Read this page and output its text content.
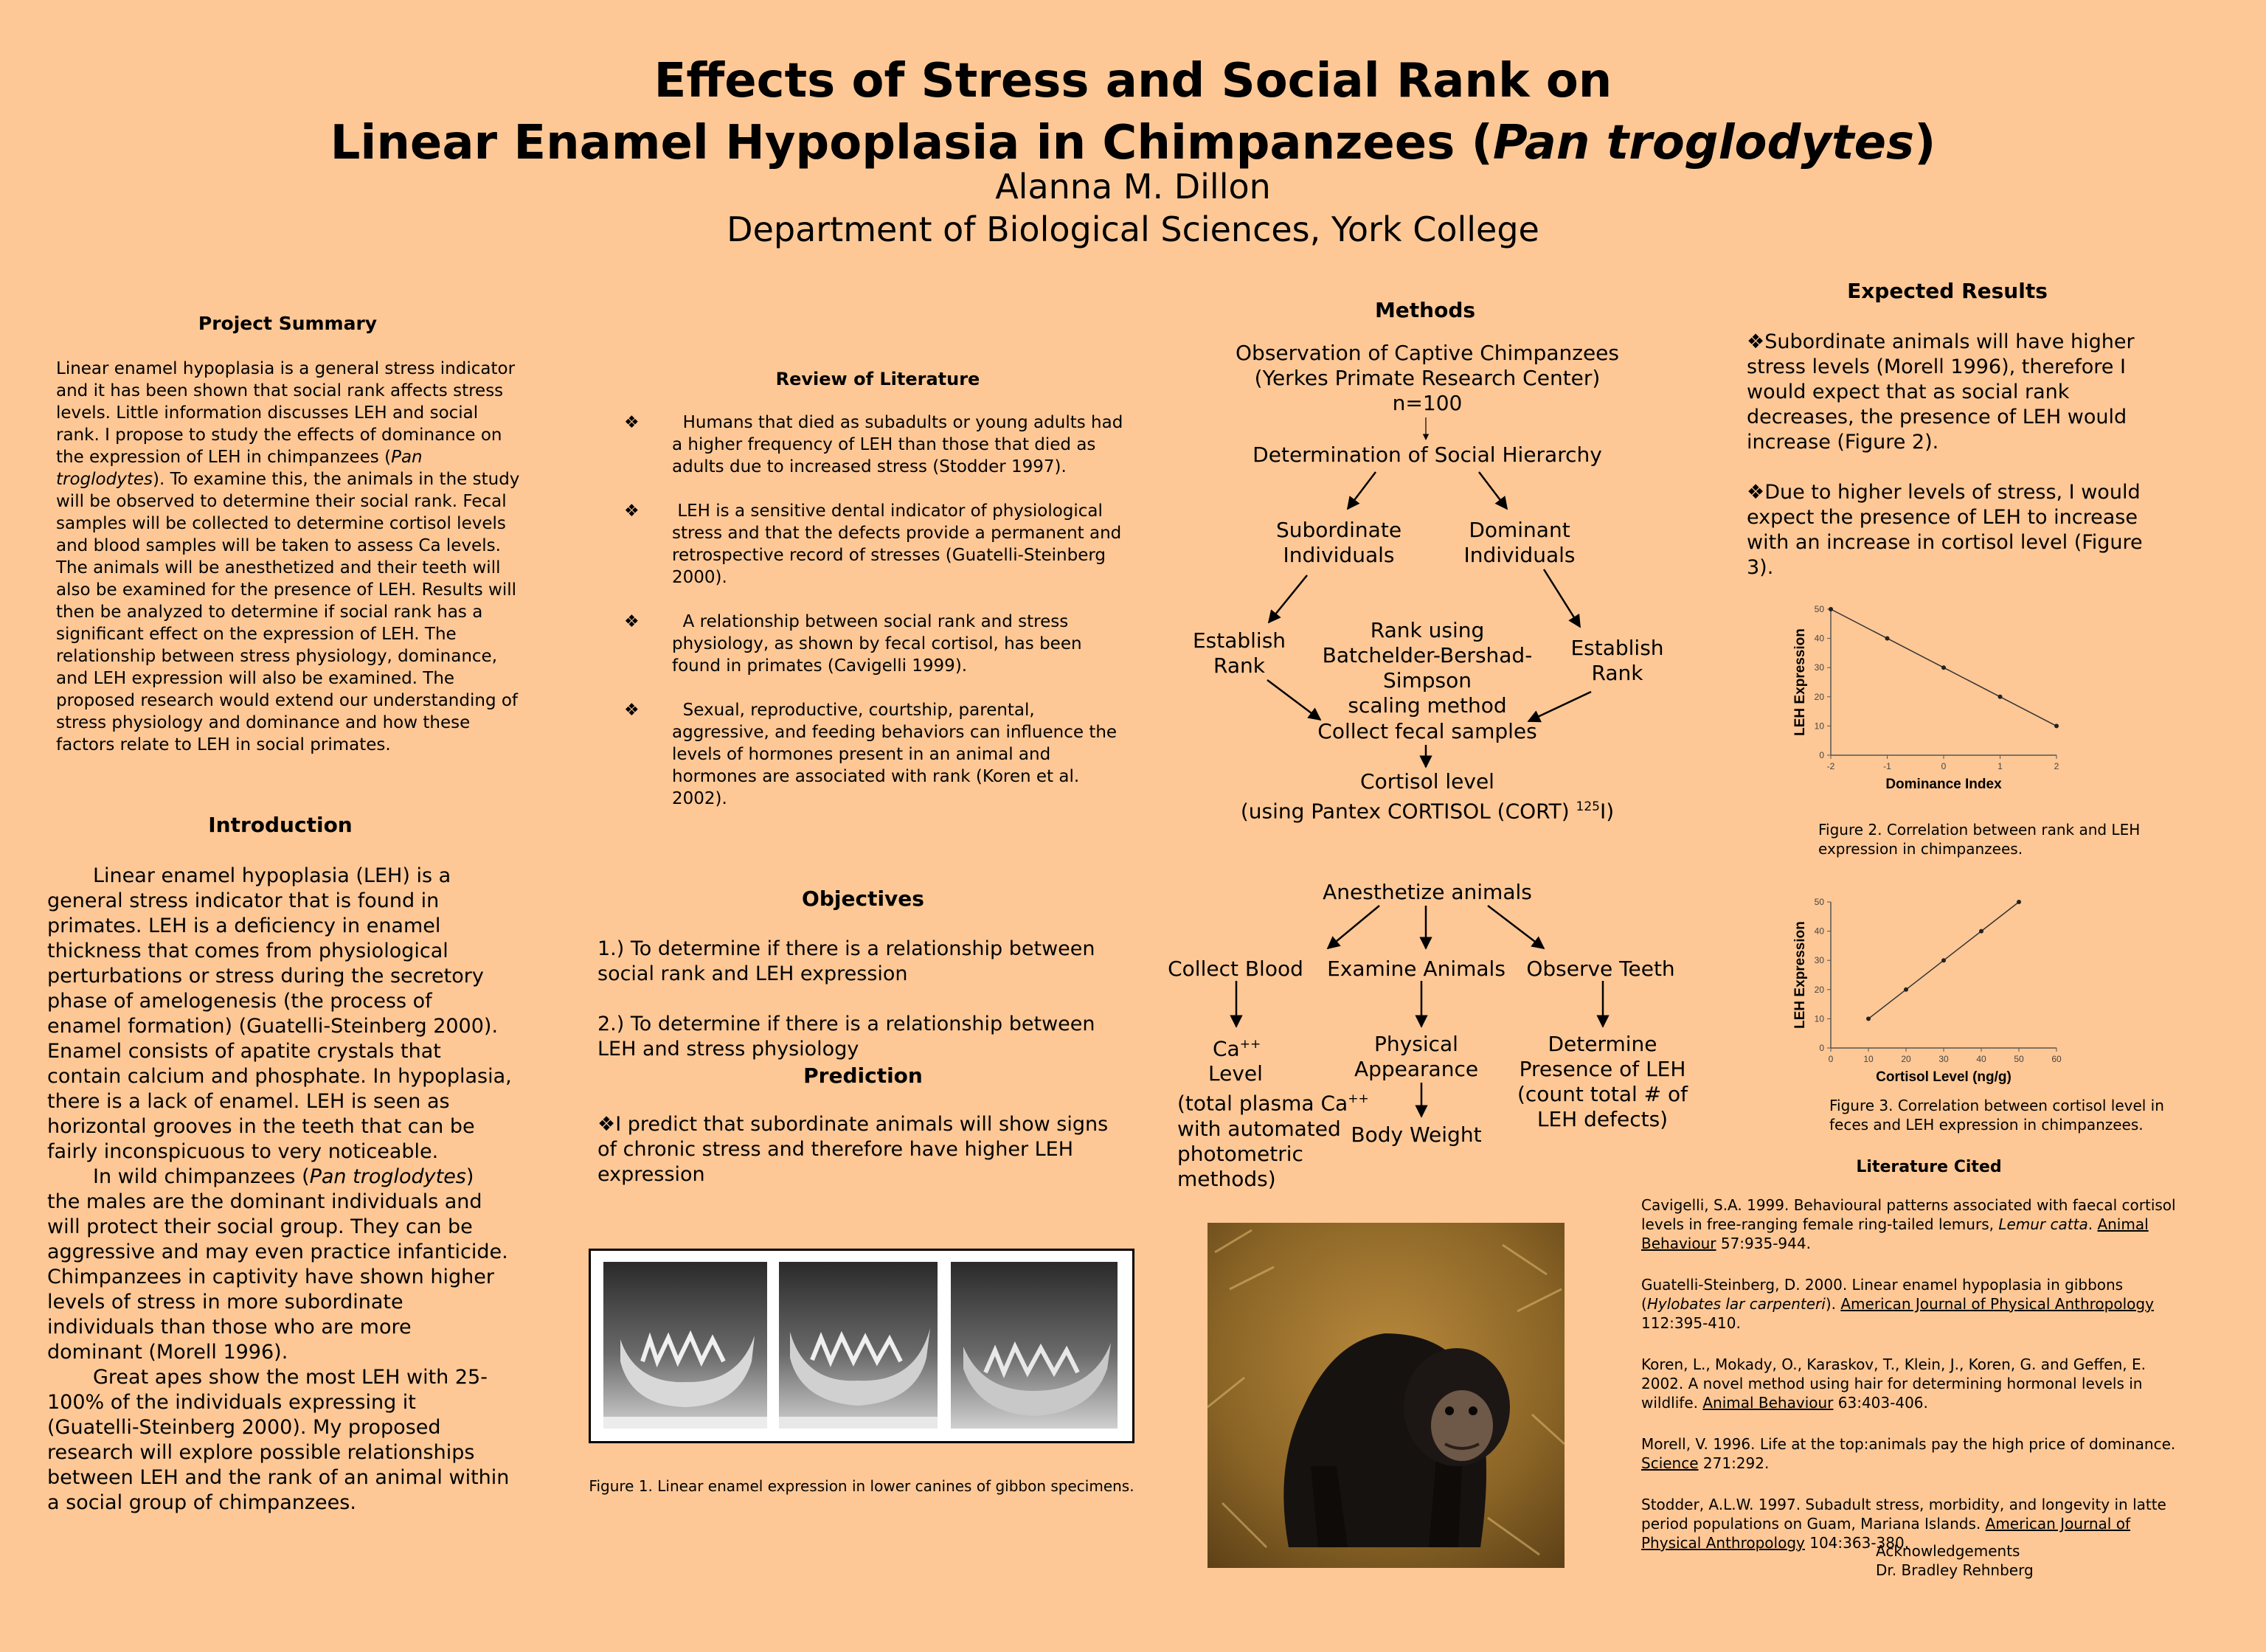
Effects of Stress and Social Rank on
Linear Enamel Hypoplasia in Chimpanzees (Pan troglodytes)
Alanna M. Dillon
Department of Biological Sciences, York College
Project Summary
Linear enamel hypoplasia is a general stress indicator and it has been shown that social rank affects stress levels. Little information discusses LEH and social rank. I propose to study the effects of dominance on the expression of LEH in chimpanzees (Pan troglodytes). To examine this, the animals in the study will be observed to determine their social rank. Fecal samples will be collected to determine cortisol levels and blood samples will be taken to assess Ca levels. The animals will be anesthetized and their teeth will also be examined for the presence of LEH. Results will then be analyzed to determine if social rank has a significant effect on the expression of LEH. The relationship between stress physiology, dominance, and LEH expression will also be examined. The proposed research would extend our understanding of stress physiology and dominance and how these factors relate to LEH in social primates.
Introduction
Linear enamel hypoplasia (LEH) is a general stress indicator that is found in primates. LEH is a deficiency in enamel thickness that comes from physiological perturbations or stress during the secretory phase of amelogenesis (the process of enamel formation) (Guatelli-Steinberg 2000). Enamel consists of apatite crystals that contain calcium and phosphate. In hypoplasia, there is a lack of enamel. LEH is seen as horizontal grooves in the teeth that can be fairly inconspicuous to very noticeable.
In wild chimpanzees (Pan troglodytes) the males are the dominant individuals and will protect their social group. They can be aggressive and may even practice infanticide. Chimpanzees in captivity have shown higher levels of stress in more subordinate individuals than those who are more dominant (Morell 1996).
Great apes show the most LEH with 25-100% of the individuals expressing it (Guatelli-Steinberg 2000). My proposed research will explore possible relationships between LEH and the rank of an animal within a social group of chimpanzees.
Review of Literature
❖	Humans that died as subadults or young adults had a higher frequency of LEH than those that died as adults due to increased stress (Stodder 1997).
❖	LEH is a sensitive dental indicator of physiological stress and that the defects provide a permanent and retrospective record of stresses (Guatelli-Steinberg 2000).
❖	A relationship between social rank and stress physiology, as shown by fecal cortisol, has been found in primates (Cavigelli 1999).
❖	Sexual, reproductive, courtship, parental, aggressive, and feeding behaviors can influence the levels of hormones present in an animal and hormones are associated with rank (Koren et al. 2002).
Objectives
1.) To determine if there is a relationship between social rank and LEH expression
2.) To determine if there is a relationship between LEH and stress physiology
Prediction
❖I predict that subordinate animals will show signs of chronic stress and therefore have higher LEH expression
Figure 1. Linear enamel expression in lower canines of gibbon specimens.
Methods
Observation of Captive Chimpanzees
(Yerkes Primate Research Center)
n=100
Determination of Social Hierarchy
Subordinate
Individuals
Dominant
Individuals
Establish
Rank
Rank using
Batchelder-Bershad-Simpson
scaling method
Establish
Rank
Collect fecal samples
Cortisol level
(using Pantex CORTISOL (CORT) $^{125}$I)
Anesthetize animals
Collect Blood	Examine Animals	Observe Teeth
Ca++
Level
(total plasma Ca++
with automated
photometric
methods)
Physical
Appearance
Body Weight
Determine
Presence of LEH
(count total # of
LEH defects)
Expected Results
❖Subordinate animals will have higher stress levels (Morell 1996), therefore I would expect that as social rank decreases, the presence of LEH would increase (Figure 2).
❖Due to higher levels of stress, I would expect the presence of LEH to increase with an increase in cortisol level (Figure 3).
0
10
20
30
40
50
-2	-1	0	1	2
Dominance Index
LEH Expression
Figure 2. Correlation between rank and LEH expression in chimpanzees.
0
10
20
30
40
50
0	10	20	30	40	50	60
Cortisol Level (ng/g)
LEH Expression
Figure 3. Correlation between cortisol level in feces and LEH expression in chimpanzees.
Literature Cited

Cavigelli, S.A. 1999. Behavioural patterns associated with faecal cortisol levels in free-ranging female ring-tailed lemurs, Lemur catta. Animal Behaviour 57:935-944.

Guatelli-Steinberg, D. 2000. Linear enamel hypoplasia in gibbons (Hylobates lar carpenteri). American Journal of Physical Anthropology 112:395-410.

Koren, L., Mokady, O., Karaskov, T., Klein, J., Koren, G. and Geffen, E. 2002. A novel method using hair for determining hormonal levels in wildlife. Animal Behaviour 63:403-406.

Morell, V. 1996. Life at the top:animals pay the high price of dominance. Science 271:292.

Stodder, A.L.W. 1997. Subadult stress, morbidity, and longevity in latte period populations on Guam, Mariana Islands. American Journal of Physical Anthropology 104:363-380.

Acknowledgements
Dr. Bradley Rehnberg
